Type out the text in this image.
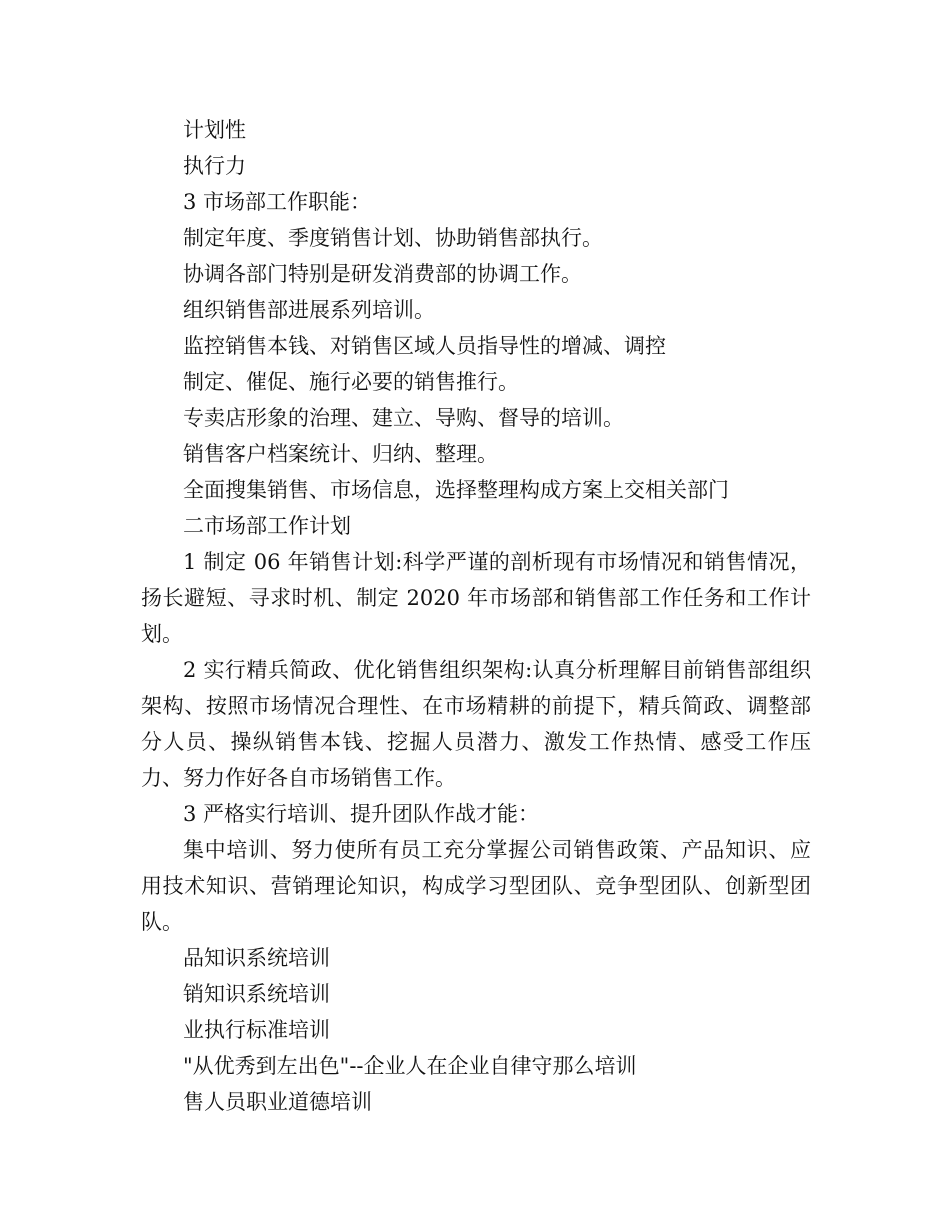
计划性
执行力
3 市场部工作职能：
制定年度、季度销售计划、协助销售部执行。
协调各部门特别是研发消费部的协调工作。
组织销售部进展系列培训。
监控销售本钱、对销售区域人员指导性的增减、调控
制定、催促、施行必要的销售推行。
专卖店形象的治理、建立、导购、督导的培训。
销售客户档案统计、归纳、整理。
全面搜集销售、市场信息，选择整理构成方案上交相关部门
二市场部工作计划

1 制定 06 年销售计划:科学严谨的剖析现有市场情况和销售情况，扬长避短、寻求时机、制定 2020 年市场部和销售部工作任务和工作计划。

2 实行精兵简政、优化销售组织架构:认真分析理解目前销售部组织架构、按照市场情况合理性、在市场精耕的前提下，精兵简政、调整部分人员、操纵销售本钱、挖掘人员潜力、激发工作热情、感受工作压力、努力作好各自市场销售工作。

3 严格实行培训、提升团队作战才能：

集中培训、努力使所有员工充分掌握公司销售政策、产品知识、应用技术知识、营销理论知识，构成学习型团队、竞争型团队、创新型团队。

品知识系统培训
销知识系统培训
业执行标准培训
"从优秀到左出色"--企业人在企业自律守那么培训
售人员职业道德培训
